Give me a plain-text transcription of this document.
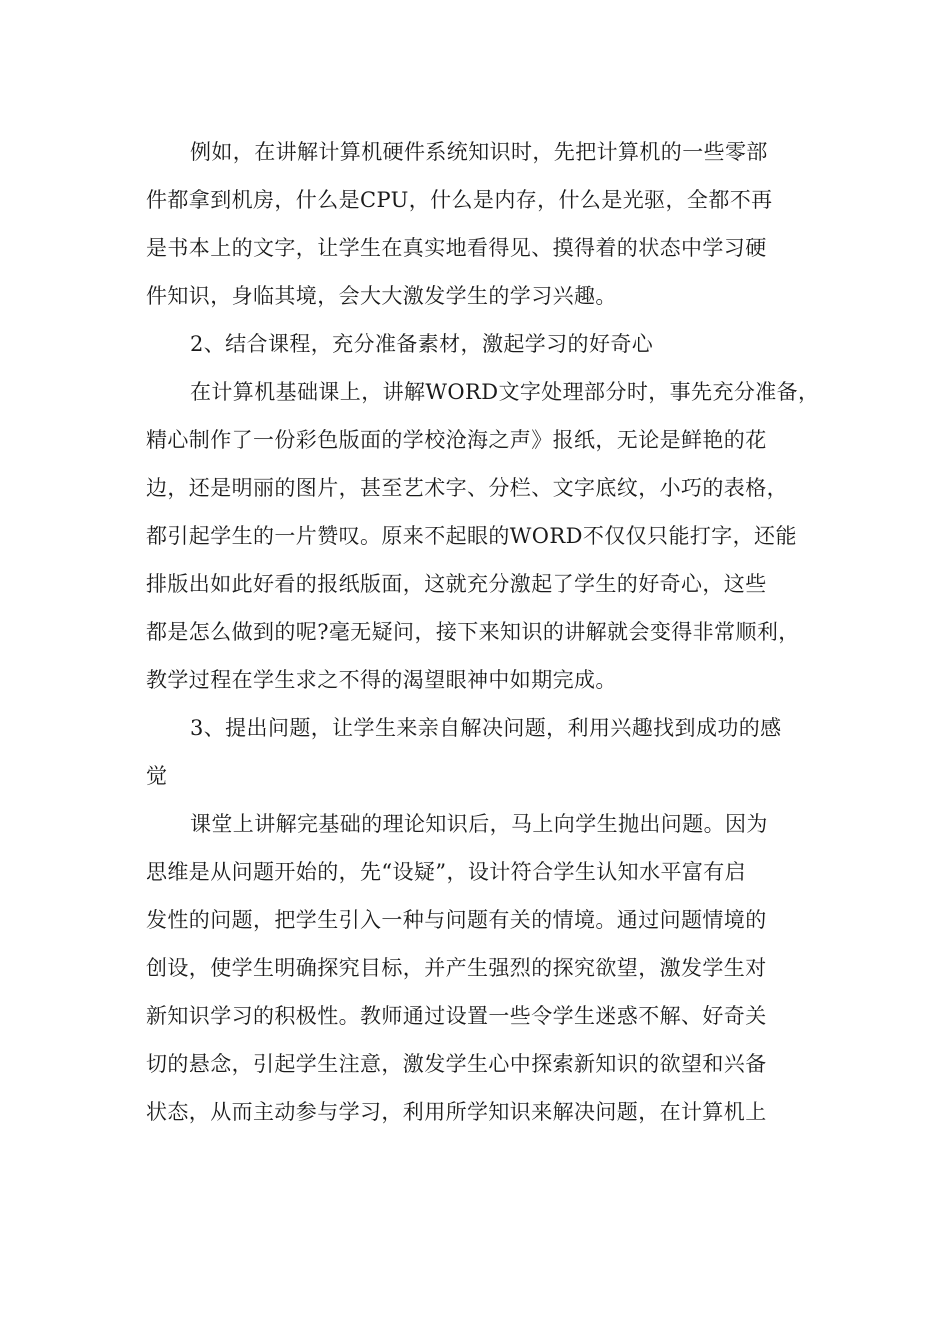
例如，在讲解计算机硬件系统知识时，先把计算机的一些零部
件都拿到机房，什么是CPU，什么是内存，什么是光驱，全都不再
是书本上的文字，让学生在真实地看得见、摸得着的状态中学习硬
件知识，身临其境，会大大激发学生的学习兴趣。
2、结合课程，充分准备素材，激起学习的好奇心
在计算机基础课上，讲解WORD文字处理部分时，事先充分准备，
精心制作了一份彩色版面的学校沧海之声》报纸，无论是鲜艳的花
边，还是明丽的图片，甚至艺术字、分栏、文字底纹，小巧的表格，
都引起学生的一片赞叹。原来不起眼的WORD不仅仅只能打字，还能
排版出如此好看的报纸版面，这就充分激起了学生的好奇心，这些
都是怎么做到的呢?毫无疑问，接下来知识的讲解就会变得非常顺利，
教学过程在学生求之不得的渴望眼神中如期完成。
3、提出问题，让学生来亲自解决问题，利用兴趣找到成功的感
觉
课堂上讲解完基础的理论知识后，马上向学生抛出问题。因为
思维是从问题开始的，先“设疑”，设计符合学生认知水平富有启
发性的问题，把学生引入一种与问题有关的情境。通过问题情境的
创设，使学生明确探究目标，并产生强烈的探究欲望，激发学生对
新知识学习的积极性。教师通过设置一些令学生迷惑不解、好奇关
切的悬念，引起学生注意，激发学生心中探索新知识的欲望和兴备
状态，从而主动参与学习，利用所学知识来解决问题，在计算机上
